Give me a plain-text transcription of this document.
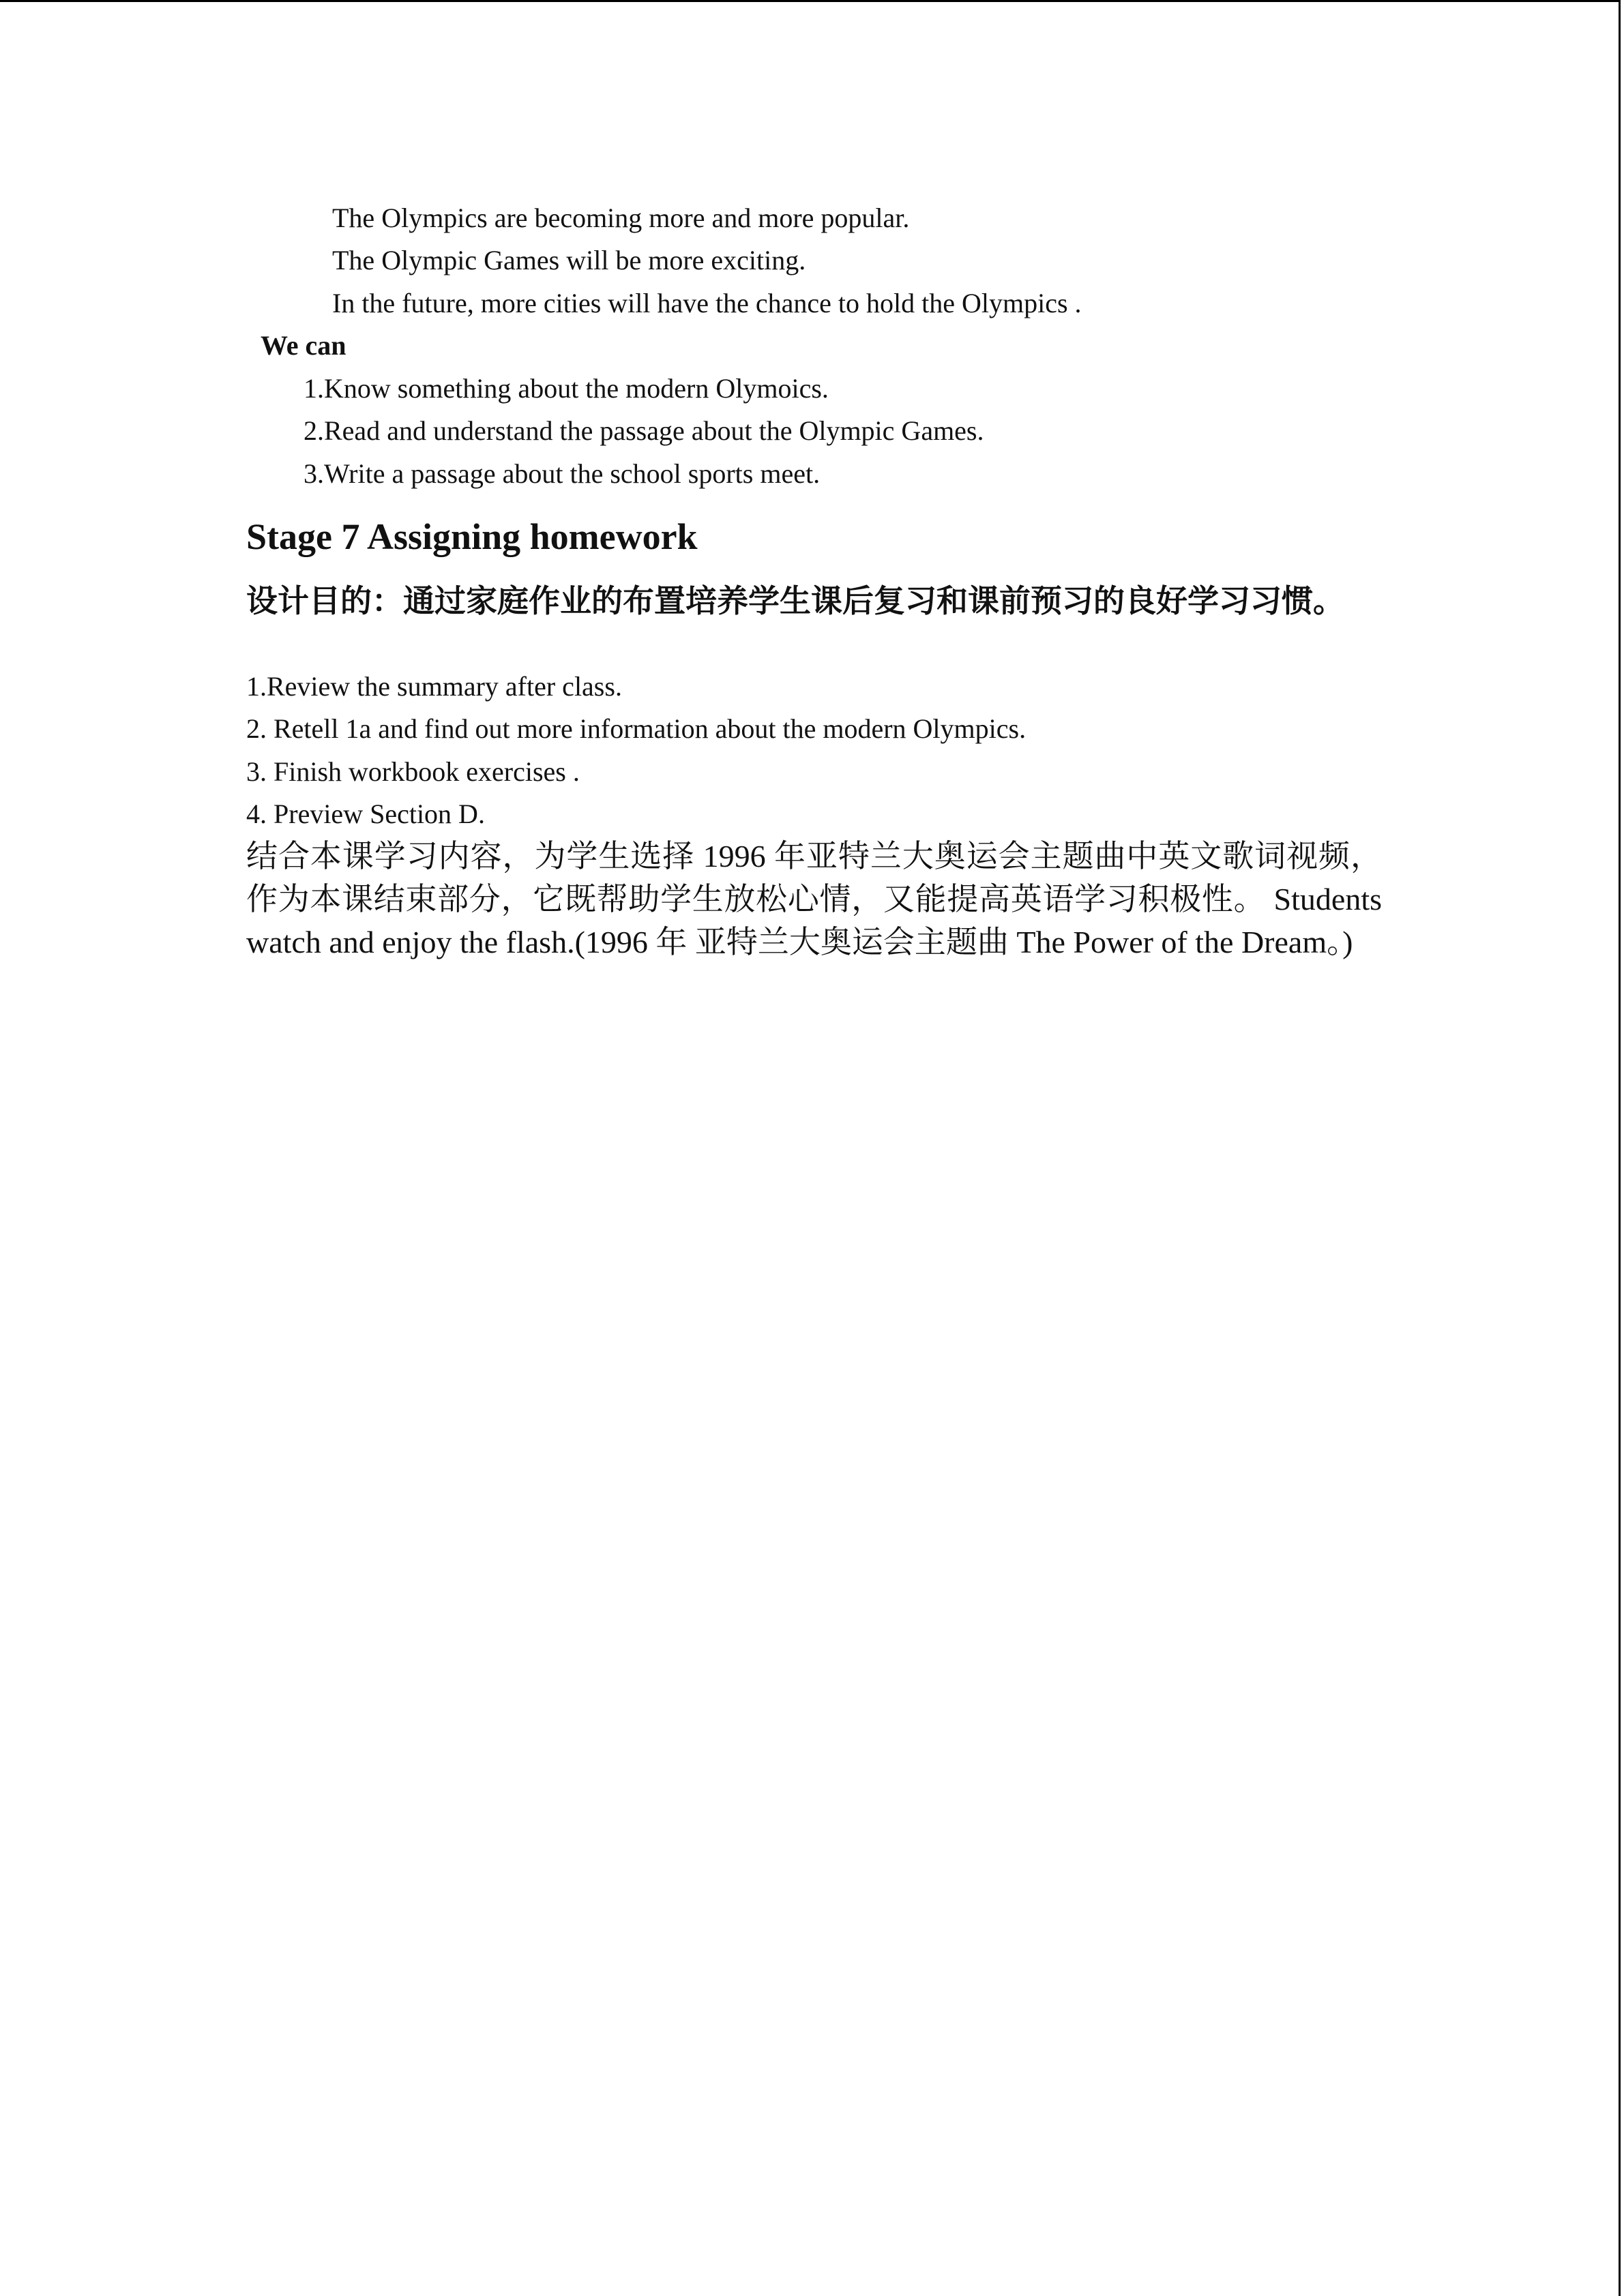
The Olympics are becoming more and more popular.
The Olympic Games will be more exciting.
In the future, more cities will have the chance to hold the Olympics .
We can
1.Know something about the modern Olymoics.
2.Read and understand the passage about the Olympic Games.
3.Write a passage about the school sports meet.
Stage 7 Assigning homework
设计目的：通过家庭作业的布置培养学生课后复习和课前预习的良好学习习惯。
1.Review the summary after class.
2. Retell 1a and find out more information about the modern Olympics.
3. Finish workbook exercises .
4. Preview Section D.
结合本课学习内容，为学生选择 1996 年亚特兰大奥运会主题曲中英文歌词视频，作为本课结束部分，它既帮助学生放松心情，又能提高英语学习积极性。 Students watch and enjoy the flash.(1996 年 亚特兰大奥运会主题曲 The Power of the Dream。)
